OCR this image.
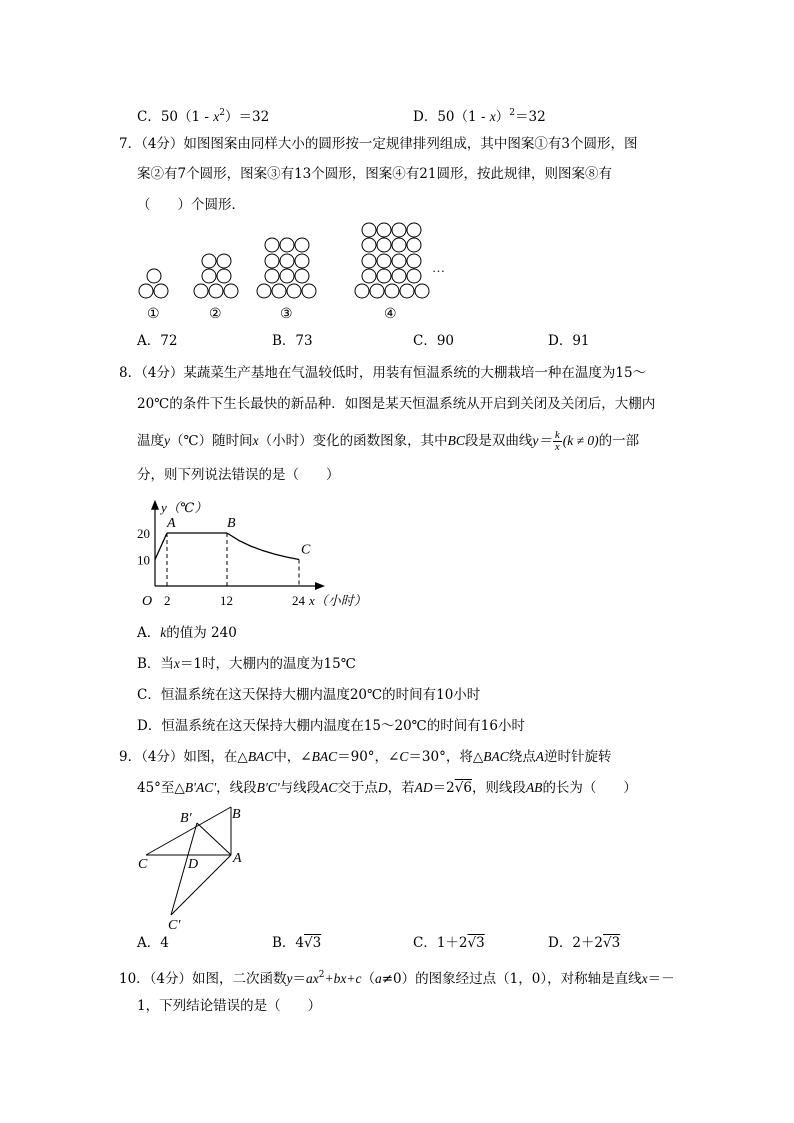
C．$50(1 - x^2)=32$	D．50（1 - x）$^2$＝32
7．（4分）如图图案由同样大小的圆形按一定规律排列组成，其中图案①有3个圆形，图
案②有7个圆形，图案③有13个圆形，图案④有21圆形，按此规律，则图案⑧有
（　　）个圆形．
…
①	②	③	④
A．72	B．73	C．90	D．91
8．（4分）某蔬菜生产基地在气温较低时，用装有恒温系统的大棚栽培一种在温度为15～
20℃的条件下生长最快的新品种．如图是某天恒温系统从开启到关闭及关闭后，大棚内
温度y（℃）随时间x（小时）变化的函数图象，其中BC段是双曲线$y= \frac{k}{x} (k \ne 0)$的一部
分，则下列说法错误的是（　　）
x（小时）
y（℃）
O 2	12	24
10
20
A	B
C
A．k的值为 240
B．当x＝1时，大棚内的温度为15℃
C．恒温系统在这天保持大棚内温度20℃的时间有10小时
D．恒温系统在这天保持大棚内温度在15～20℃的时间有16小时
9．（4分）如图，在△BAC中，∠BAC＝90°，∠C＝30°，将△BAC绕点A逆时针旋转
45°至△B'AC'，线段B'C'与线段AC交于点D，若AD＝2√6，则线段AB的长为（　　）
B′	B
C	D A
C′
A．4	B．4√3	C．1＋2√3	D．2＋2√3
10．（4分）如图，二次函数$y=ax^2+bx+c(a\ne 0)$的图象经过点（1，0），对称轴是直线x＝－
1，下列结论错误的是（　　）
